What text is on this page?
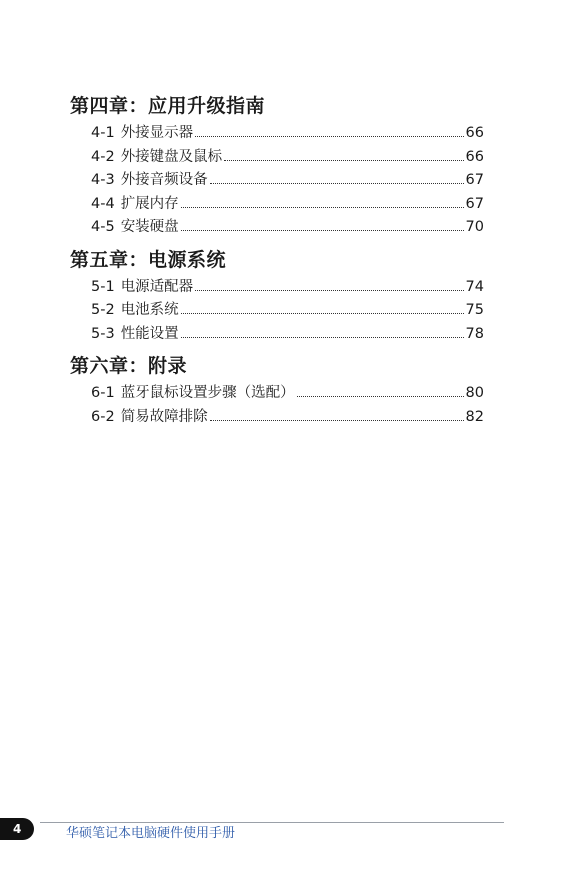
第四章：应用升级指南
4-1 外接显示器	66
4-2 外接键盘及鼠标	66
4-3 外接音频设备	67
4-4 扩展内存	67
4-5 安装硬盘	70
第五章：电源系统
5-1 电源适配器	74
5-2 电池系统	75
5-3 性能设置	78
第六章：附录
6-1 蓝牙鼠标设置步骤（选配）	80
6-2 简易故障排除	82
4	华硕笔记本电脑硬件使用手册
